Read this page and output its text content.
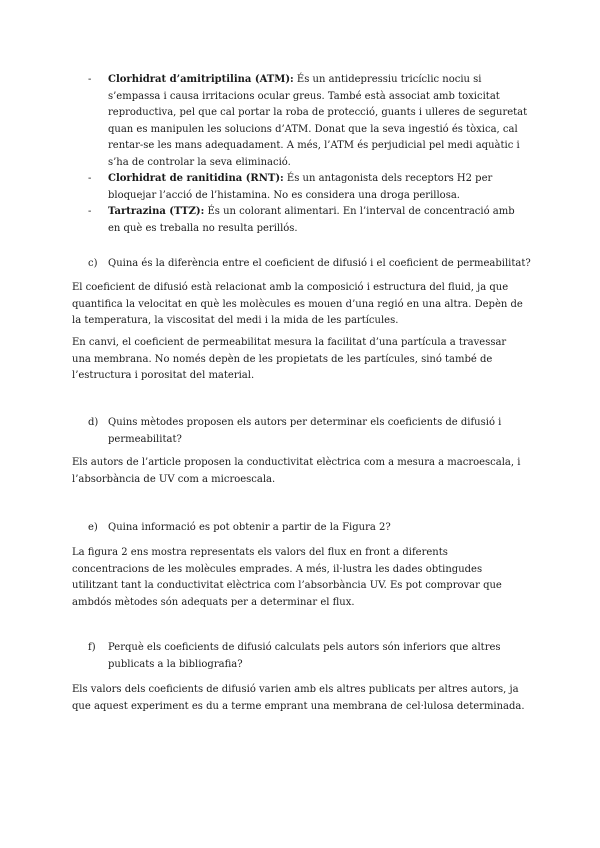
- Clorhidrat d’amitriptilina (ATM): És un antidepressiu tricíclic nociu si s’empassa i causa irritacions ocular greus. També està associat amb toxicitat reproductiva, pel que cal portar la roba de protecció, guants i ulleres de seguretat quan es manipulen les solucions d’ATM. Donat que la seva ingestió és tòxica, cal rentar-se les mans adequadament. A més, l’ATM és perjudicial pel medi aquàtic i s’ha de controlar la seva eliminació.
- Clorhidrat de ranitidina (RNT): És un antagonista dels receptors H2 per bloquejar l’acció de l’histamina. No es considera una droga perillosa.
- Tartrazina (TTZ): És un colorant alimentari. En l’interval de concentració amb en què es treballa no resulta perillós.

c) Quina és la diferència entre el coeficient de difusió i el coeficient de permeabilitat?

El coeficient de difusió està relacionat amb la composició i estructura del fluid, ja que quantifica la velocitat en què les molècules es mouen d’una regió en una altra. Depèn de la temperatura, la viscositat del medi i la mida de les partícules.

En canvi, el coeficient de permeabilitat mesura la facilitat d’una partícula a travessar una membrana. No només depèn de les propietats de les partícules, sinó també de l’estructura i porositat del material.

d) Quins mètodes proposen els autors per determinar els coeficients de difusió i permeabilitat?

Els autors de l’article proposen la conductivitat elèctrica com a mesura a macroescala, i l’absorbància de UV com a microescala.

e) Quina informació es pot obtenir a partir de la Figura 2?

La figura 2 ens mostra representats els valors del flux en front a diferents concentracions de les molècules emprades. A més, il·lustra les dades obtingudes utilitzant tant la conductivitat elèctrica com l’absorbància UV. Es pot comprovar que ambdós mètodes són adequats per a determinar el flux.

f) Perquè els coeficients de difusió calculats pels autors són inferiors que altres publicats a la bibliografia?

Els valors dels coeficients de difusió varien amb els altres publicats per altres autors, ja que aquest experiment es du a terme emprant una membrana de cel·lulosa determinada.
